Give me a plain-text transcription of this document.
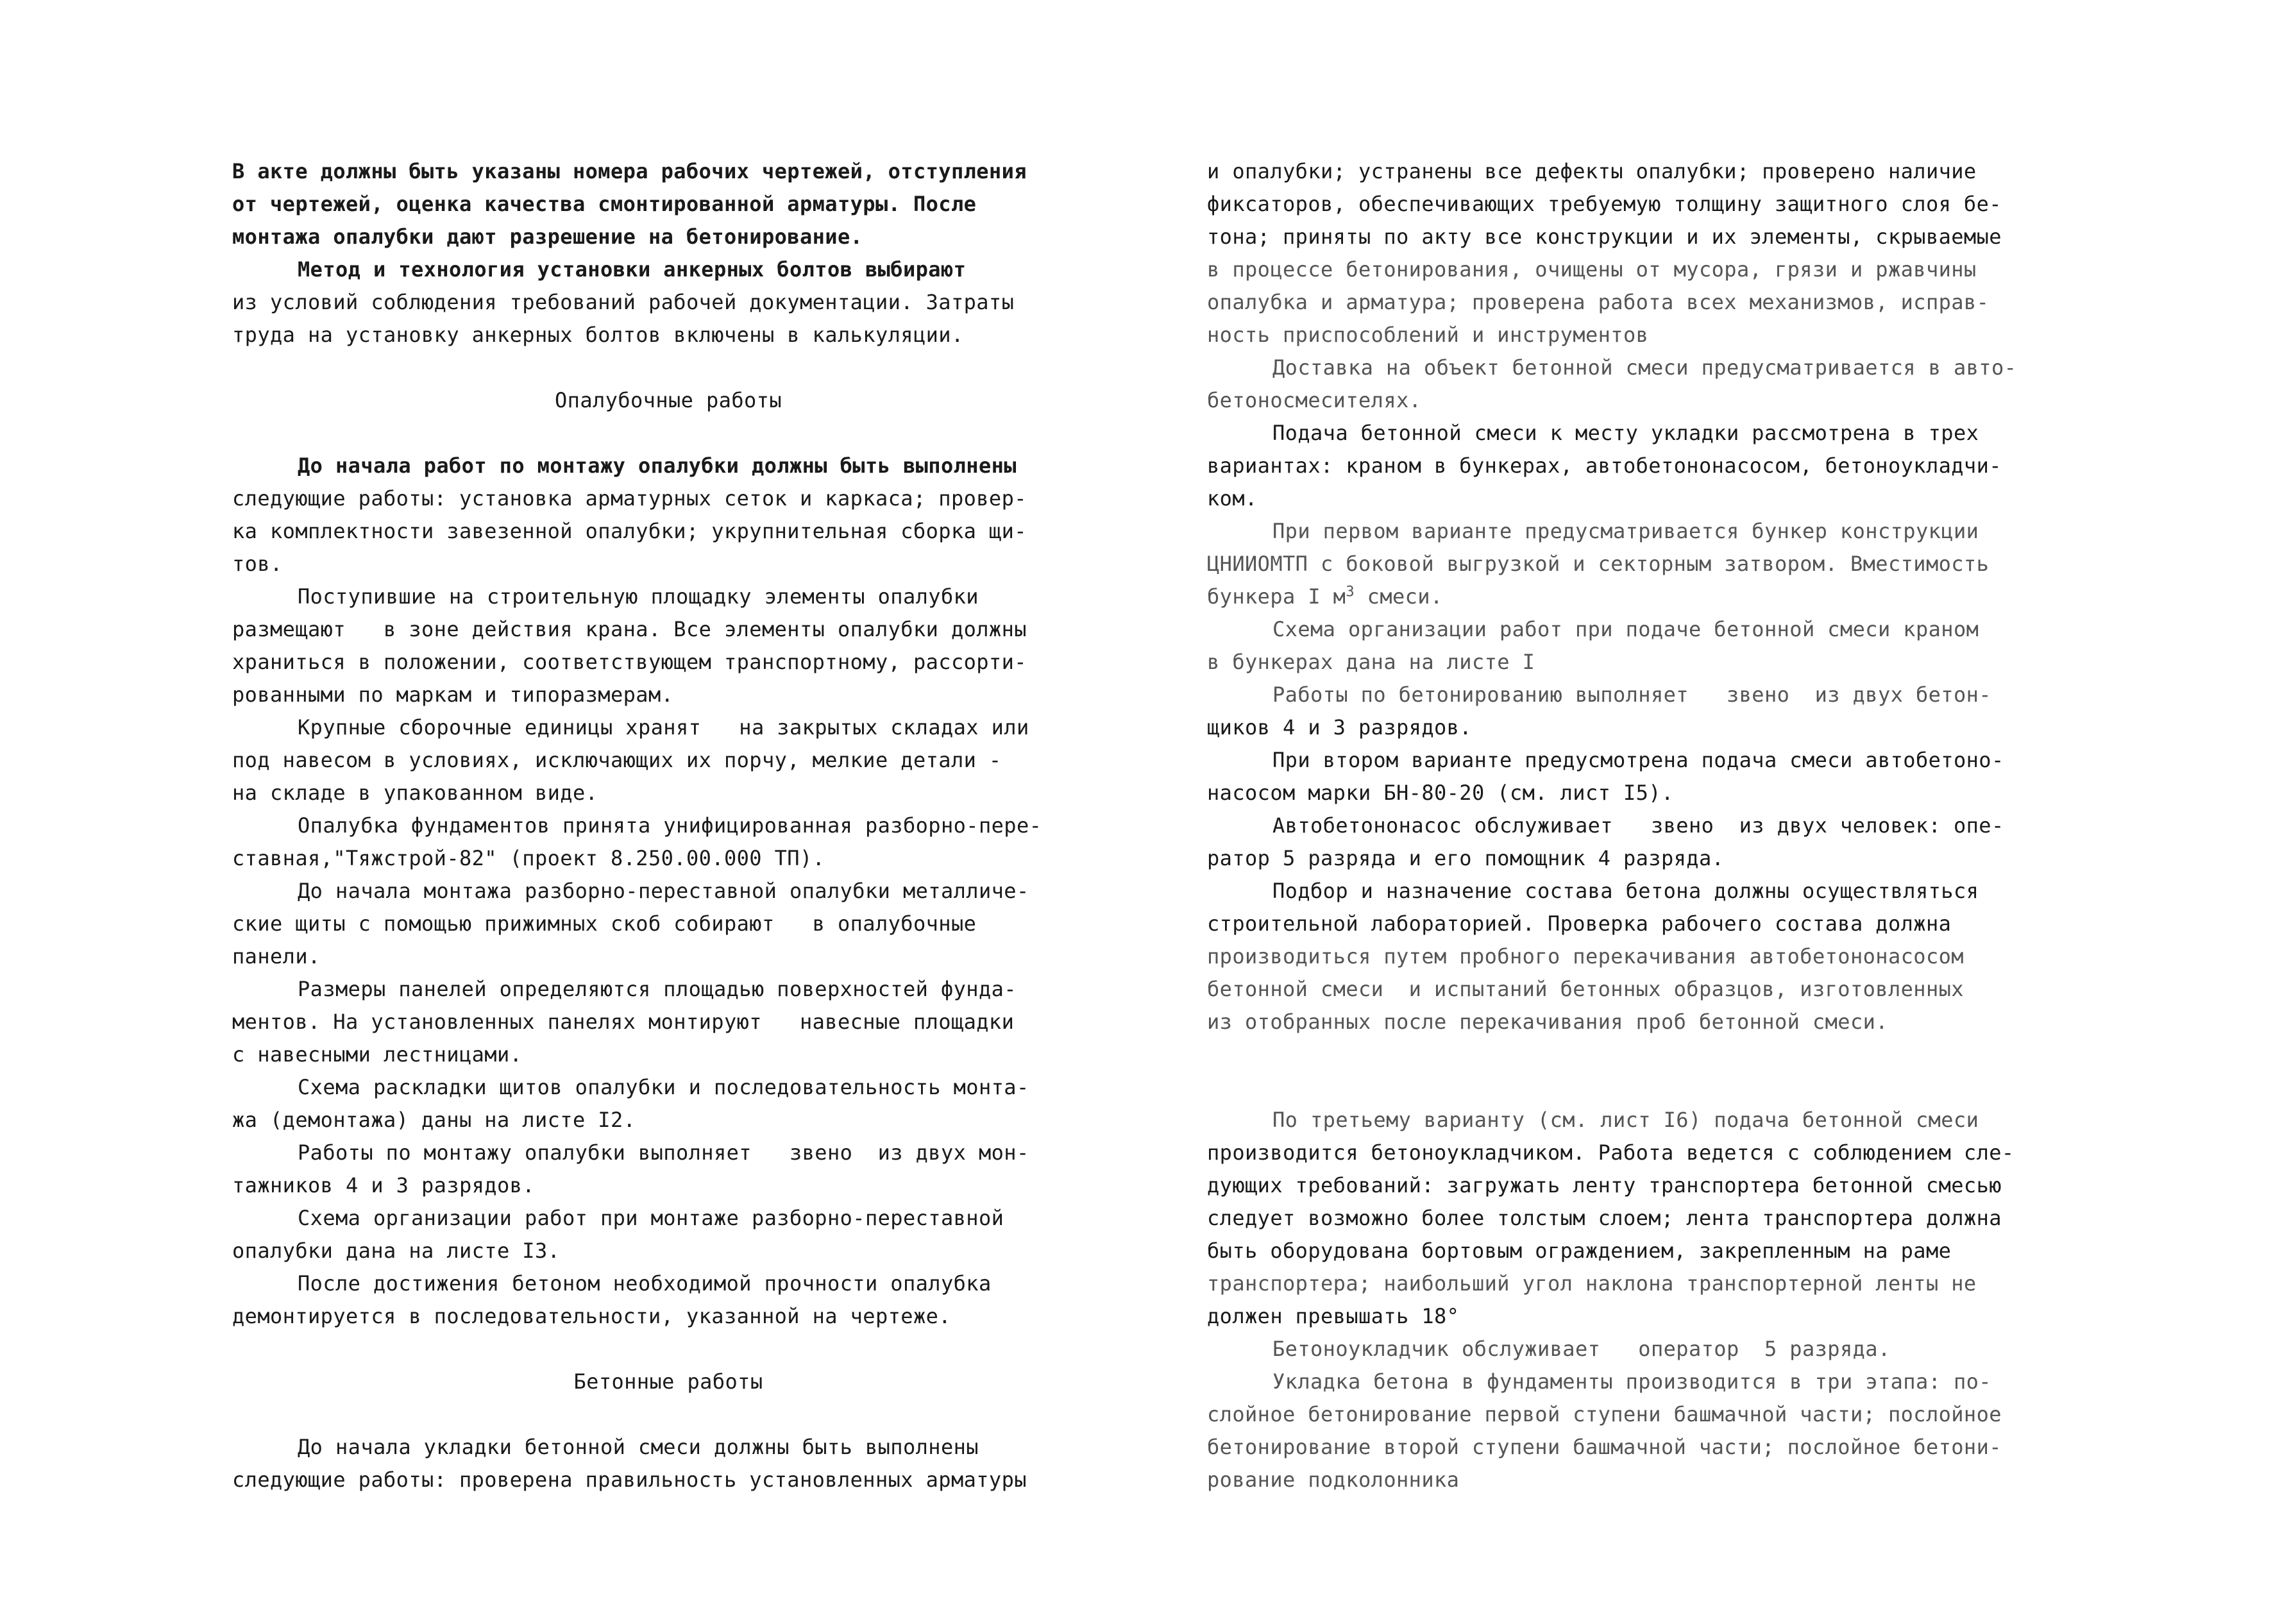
В акте должны быть указаны номера рабочих чертежей, отступления
от чертежей, оценка качества смонтированной арматуры. После
монтажа опалубки дают разрешение на бетонирование.
Метод и технология установки анкерных болтов выбирают
из условий соблюдения требований рабочей документации. Затраты
труда на установку анкерных болтов включены в калькуляции.
Опалубочные работы
До начала работ по монтажу опалубки должны быть выполнены
следующие работы: установка арматурных сеток и каркаса; провер-
ка комплектности завезенной опалубки; укрупнительная сборка щи-
тов.
Поступившие на строительную площадку элементы опалубки
размещают   в зоне действия крана. Все элементы опалубки должны
храниться в положении, соответствующем транспортному, рассорти-
рованными по маркам и типоразмерам.
Крупные сборочные единицы хранят   на закрытых складах или
под навесом в условиях, исключающих их порчу, мелкие детали -
на складе в упакованном виде.
Опалубка фундаментов принята унифицированная разборно-пере-
ставная,"Тяжстрой-82" (проект 8.250.00.000 ТП).
До начала монтажа разборно-переставной опалубки металличе-
ские щиты с помощью прижимных скоб собирают   в опалубочные
панели.
Размеры панелей определяются площадью поверхностей фунда-
ментов. На установленных панелях монтируют   навесные площадки
с навесными лестницами.
Схема раскладки щитов опалубки и последовательность монта-
жа (демонтажа) даны на листе I2.
Работы по монтажу опалубки выполняет   звено  из двух мон-
тажников 4 и 3 разрядов.
Схема организации работ при монтаже разборно-переставной
опалубки дана на листе I3.
После достижения бетоном необходимой прочности опалубка
демонтируется в последовательности, указанной на чертеже.
Бетонные работы
До начала укладки бетонной смеси должны быть выполнены
следующие работы: проверена правильность установленных арматуры
и опалубки; устранены все дефекты опалубки; проверено наличие
фиксаторов, обеспечивающих требуемую толщину защитного слоя бе-
тона; приняты по акту все конструкции и их элементы, скрываемые
в процессе бетонирования, очищены от мусора, грязи и ржавчины
опалубка и арматура; проверена работа всех механизмов, исправ-
ность приспособлений и инструментов
Доставка на объект бетонной смеси предусматривается в авто-
бетоносмесителях.
Подача бетонной смеси к месту укладки рассмотрена в трех
вариантах: краном в бункерах, автобетононасосом, бетоноукладчи-
ком.
При первом варианте предусматривается бункер конструкции
ЦНИИОМТП с боковой выгрузкой и секторным затвором. Вместимость
бункера I $м^3$ смеси.
Схема организации работ при подаче бетонной смеси краном
в бункерах дана на листе I
Работы по бетонированию выполняет   звено  из двух бетон-
щиков 4 и 3 разрядов.
При втором варианте предусмотрена подача смеси автобетоно-
насосом марки БН-80-20 (см. лист I5).
Автобетононасос обслуживает   звено  из двух человек: опе-
ратор 5 разряда и его помощник 4 разряда.
Подбор и назначение состава бетона должны осуществляться
строительной лабораторией. Проверка рабочего состава должна
производиться путем пробного перекачивания автобетононасосом
бетонной смеси  и испытаний бетонных образцов, изготовленных
из отобранных после перекачивания проб бетонной смеси.
По третьему варианту (см. лист I6) подача бетонной смеси
производится бетоноукладчиком. Работа ведется с соблюдением сле-
дующих требований: загружать ленту транспортера бетонной смесью
следует возможно более толстым слоем; лента транспортера должна
быть оборудована бортовым ограждением, закрепленным на раме
транспортера; наибольший угол наклона транспортерной ленты не
должен превышать 18°
Бетоноукладчик обслуживает   оператор  5 разряда.
Укладка бетона в фундаменты производится в три этапа: по-
слойное бетонирование первой ступени башмачной части; послойное
бетонирование второй ступени башмачной части; послойное бетони-
рование подколонника
